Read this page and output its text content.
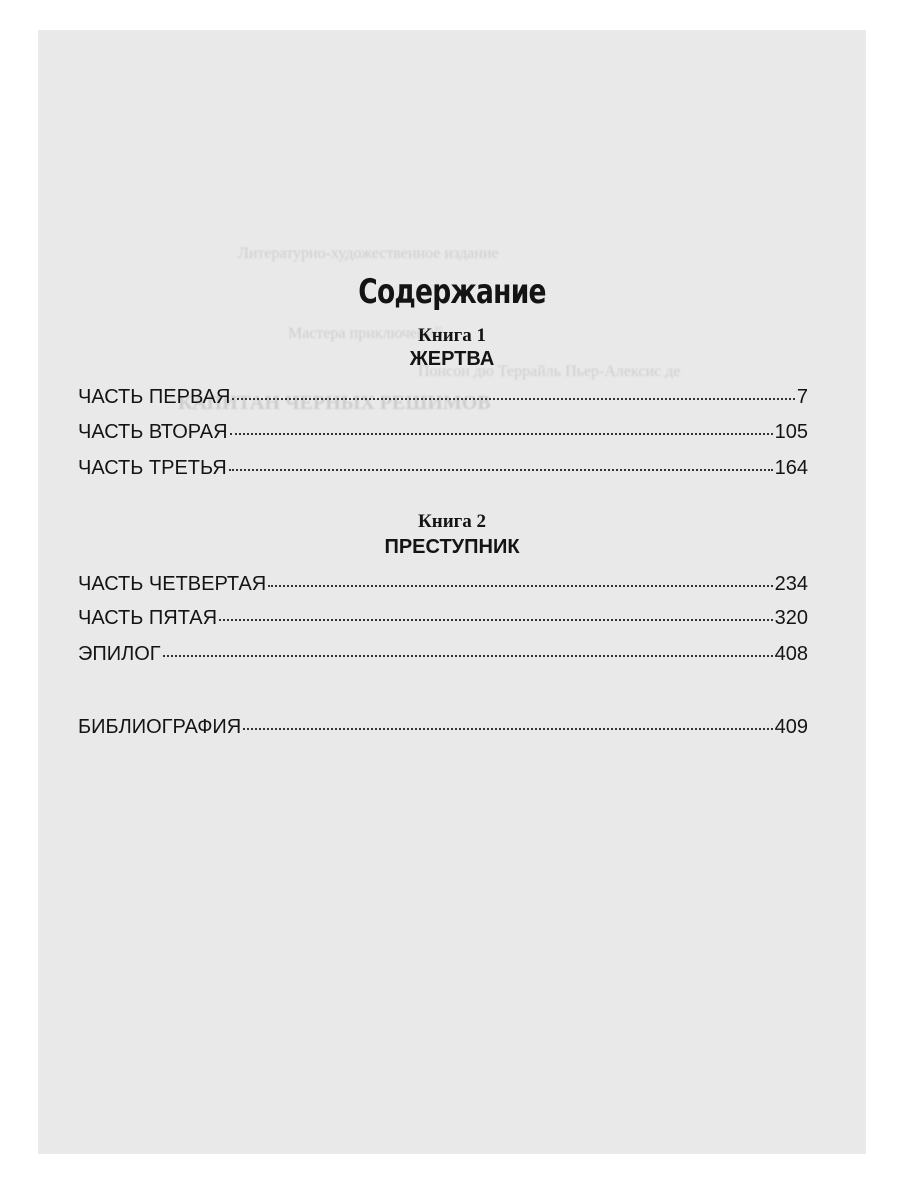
Литературно-художественное издание
Мастера приключений
Понсон дю Террайль Пьер-Алексис де
КАПИТАН ЧЕРНЫХ РЕШИМОВ
Содержание
Книга 1
ЖЕРТВА
ЧАСТЬ ПЕРВАЯ	7
ЧАСТЬ ВТОРАЯ	105
ЧАСТЬ ТРЕТЬЯ	164
Книга 2
ПРЕСТУПНИК
ЧАСТЬ ЧЕТВЕРТАЯ	234
ЧАСТЬ ПЯТАЯ	320
ЭПИЛОГ	408
БИБЛИОГРАФИЯ	409
